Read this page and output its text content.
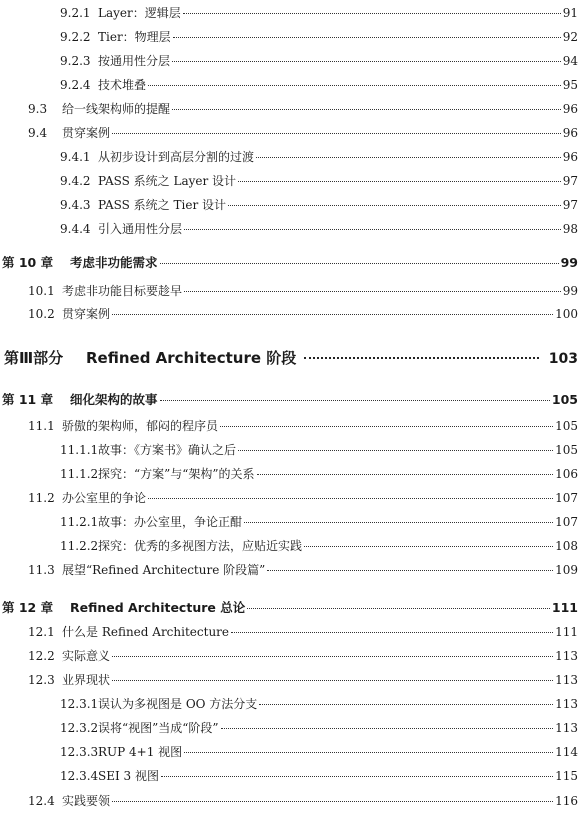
9.2.1 Layer：逻辑层	91
9.2.2 Tier：物理层	92
9.2.3 按通用性分层	94
9.2.4 技术堆叠	95
9.3	给一线架构师的提醒	96
9.4	贯穿案例	96
9.4.1 从初步设计到高层分割的过渡	96
9.4.2 PASS 系统之 Layer 设计	97
9.4.3 PASS 系统之 Tier 设计	97
9.4.4 引入通用性分层	98
第 10 章	考虑非功能需求	99
10.1 考虑非功能目标要趁早	99
10.2 贯穿案例	100
第Ⅲ部分	Refined Architecture 阶段	103
第 11 章	细化架构的故事	105
11.1 骄傲的架构师，郁闷的程序员	105
11.1.1 故事：《方案书》确认之后	105
11.1.2 探究：“方案”与“架构”的关系	106
11.2 办公室里的争论	107
11.2.1 故事：办公室里，争论正酣	107
11.2.2 探究：优秀的多视图方法，应贴近实践	108
11.3 展望“Refined Architecture 阶段篇”	109
第 12 章	Refined Architecture 总论	111
12.1 什么是 Refined Architecture	111
12.2 实际意义	113
12.3 业界现状	113
12.3.1 误认为多视图是 OO 方法分支	113
12.3.2 误将“视图”当成“阶段”	113
12.3.3 RUP 4+1 视图	114
12.3.4 SEI 3 视图	115
12.4 实践要领	116
